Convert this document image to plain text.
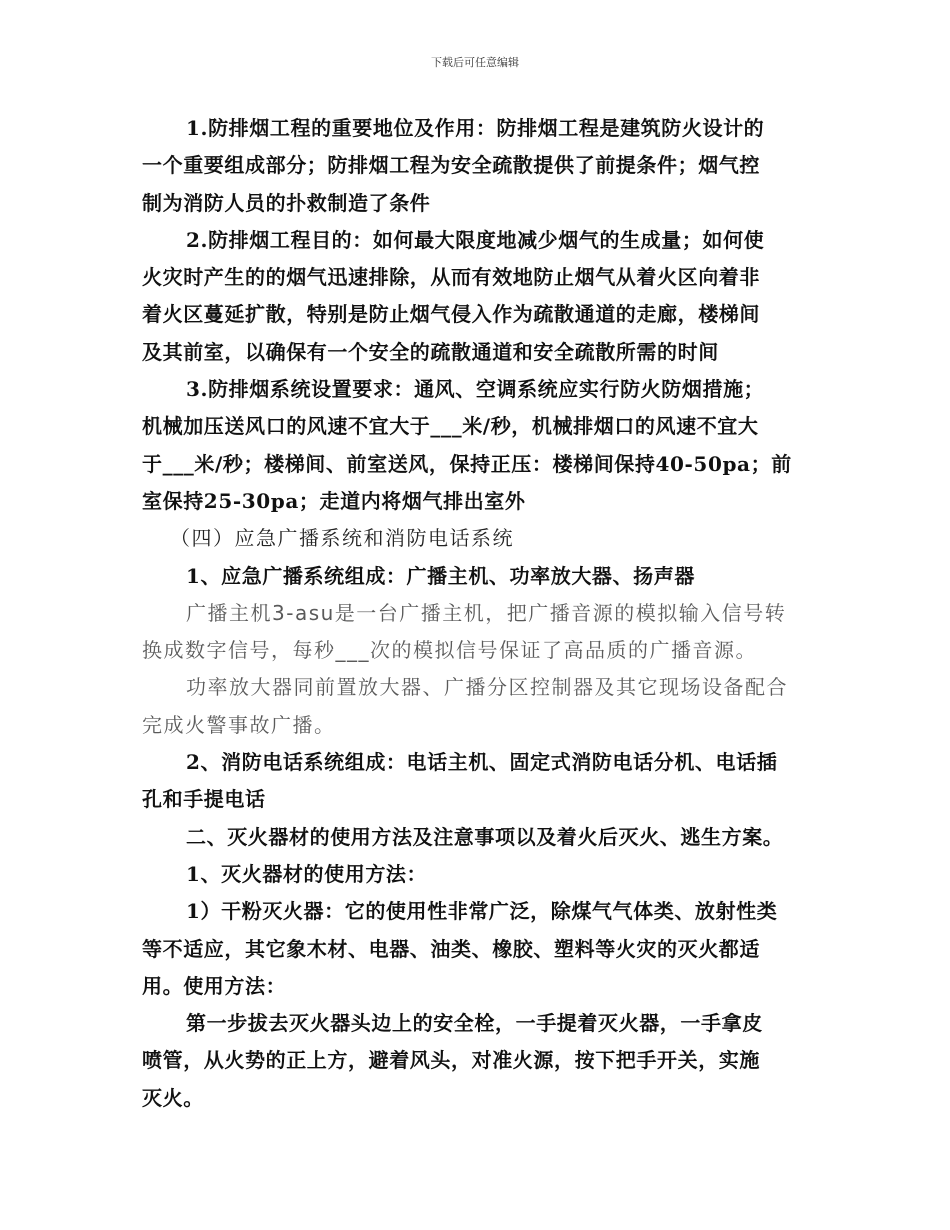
下载后可任意编辑
1.防排烟工程的重要地位及作用：防排烟工程是建筑防火设计的
一个重要组成部分；防排烟工程为安全疏散提供了前提条件；烟气控
制为消防人员的扑救制造了条件
2.防排烟工程目的：如何最大限度地减少烟气的生成量；如何使
火灾时产生的的烟气迅速排除，从而有效地防止烟气从着火区向着非
着火区蔓延扩散，特别是防止烟气侵入作为疏散通道的走廊，楼梯间
及其前室，以确保有一个安全的疏散通道和安全疏散所需的时间
3.防排烟系统设置要求：通风、空调系统应实行防火防烟措施；
机械加压送风口的风速不宜大于___米/秒，机械排烟口的风速不宜大
于___米/秒；楼梯间、前室送风，保持正压：楼梯间保持40-50pa；前
室保持25-30pa；走道内将烟气排出室外
（四）应急广播系统和消防电话系统
1、应急广播系统组成：广播主机、功率放大器、扬声器
广播主机3-asu是一台广播主机，把广播音源的模拟输入信号转
换成数字信号，每秒___次的模拟信号保证了高品质的广播音源。
功率放大器同前置放大器、广播分区控制器及其它现场设备配合
完成火警事故广播。
2、消防电话系统组成：电话主机、固定式消防电话分机、电话插
孔和手提电话
二、灭火器材的使用方法及注意事项以及着火后灭火、逃生方案。
1、灭火器材的使用方法：
1）干粉灭火器：它的使用性非常广泛，除煤气气体类、放射性类
等不适应，其它象木材、电器、油类、橡胶、塑料等火灾的灭火都适
用。使用方法：
第一步拔去灭火器头边上的安全栓，一手提着灭火器，一手拿皮
喷管，从火势的正上方，避着风头，对准火源，按下把手开关，实施
灭火。
